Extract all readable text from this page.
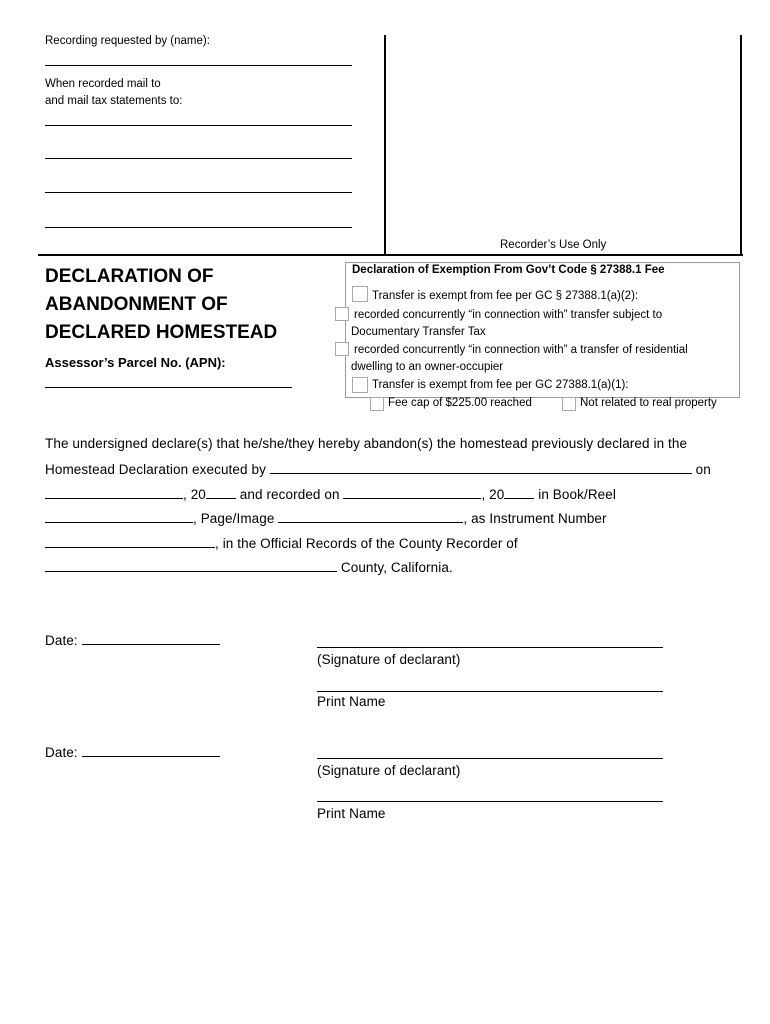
Recording requested by (name):
When recorded mail to
and mail tax statements to:
Recorder’s Use Only
DECLARATION OF
ABANDONMENT OF
DECLARED HOMESTEAD
Assessor’s Parcel No. (APN):
Declaration of Exemption From Gov’t Code § 27388.1 Fee
Transfer is exempt from fee per GC § 27388.1(a)(2):
recorded concurrently “in connection with” transfer subject to
Documentary Transfer Tax
recorded concurrently “in connection with” a transfer of residential
dwelling to an owner-occupier
Transfer is exempt from fee per GC 27388.1(a)(1):
Fee cap of $225.00 reached	Not related to real property
The undersigned declare(s) that he/she/they hereby abandon(s) the homestead previously declared in the
Homestead Declaration executed by	on
, 20	and recorded on	, 20	in Book/Reel
, Page/Image	, as Instrument Number
, in the Official Records of the County Recorder of
County, California.
Date:
(Signature of declarant)
Print Name
Date:
(Signature of declarant)
Print Name
